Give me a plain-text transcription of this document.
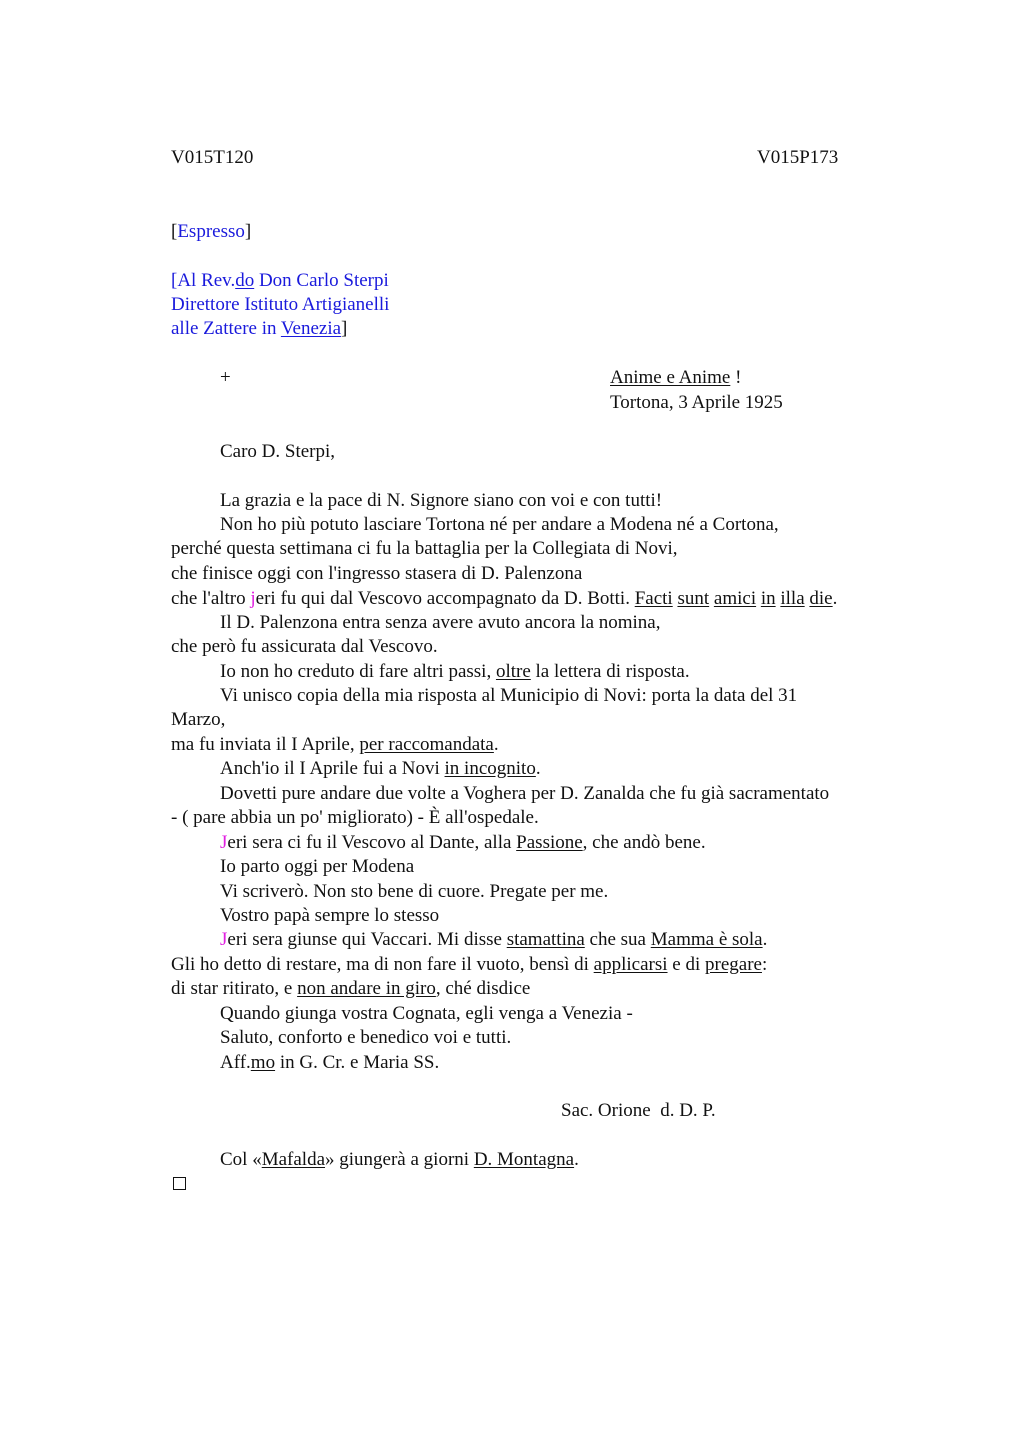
V015T120	V015P173
[Espresso]
[Al Rev.do Don Carlo Sterpi
Direttore Istituto Artigianelli
alle Zattere in Venezia]
+	Anime e Anime !
Tortona, 3 Aprile 1925
Caro D. Sterpi,
La grazia e la pace di N. Signore siano con voi e con tutti!
Non ho più potuto lasciare Tortona né per andare a Modena né a Cortona,
perché questa settimana ci fu la battaglia per la Collegiata di Novi,
che finisce oggi con l'ingresso stasera di D. Palenzona
che l'altro jeri fu qui dal Vescovo accompagnato da D. Botti. Facti sunt amici in illa die.
Il D. Palenzona entra senza avere avuto ancora la nomina,
che però fu assicurata dal Vescovo.
Io non ho creduto di fare altri passi, oltre la lettera di risposta.
Vi unisco copia della mia risposta al Municipio di Novi: porta la data del 31
Marzo,
ma fu inviata il I Aprile, per raccomandata.
Anch'io il I Aprile fui a Novi in incognito.
Dovetti pure andare due volte a Voghera per D. Zanalda che fu già sacramentato
- ( pare abbia un po' migliorato) - È all'ospedale.
Jeri sera ci fu il Vescovo al Dante, alla Passione, che andò bene.
Io parto oggi per Modena
Vi scriverò. Non sto bene di cuore. Pregate per me.
Vostro papà sempre lo stesso
Jeri sera giunse qui Vaccari. Mi disse stamattina che sua Mamma è sola.
Gli ho detto di restare, ma di non fare il vuoto, bensì di applicarsi e di pregare:
di star ritirato, e non andare in giro, ché disdice
Quando giunga vostra Cognata, egli venga a Venezia -
Saluto, conforto e benedico voi e tutti.
Aff.mo in G. Cr. e Maria SS.
Sac. Orione  d. D. P.
Col «Mafalda» giungerà a giorni D. Montagna.
